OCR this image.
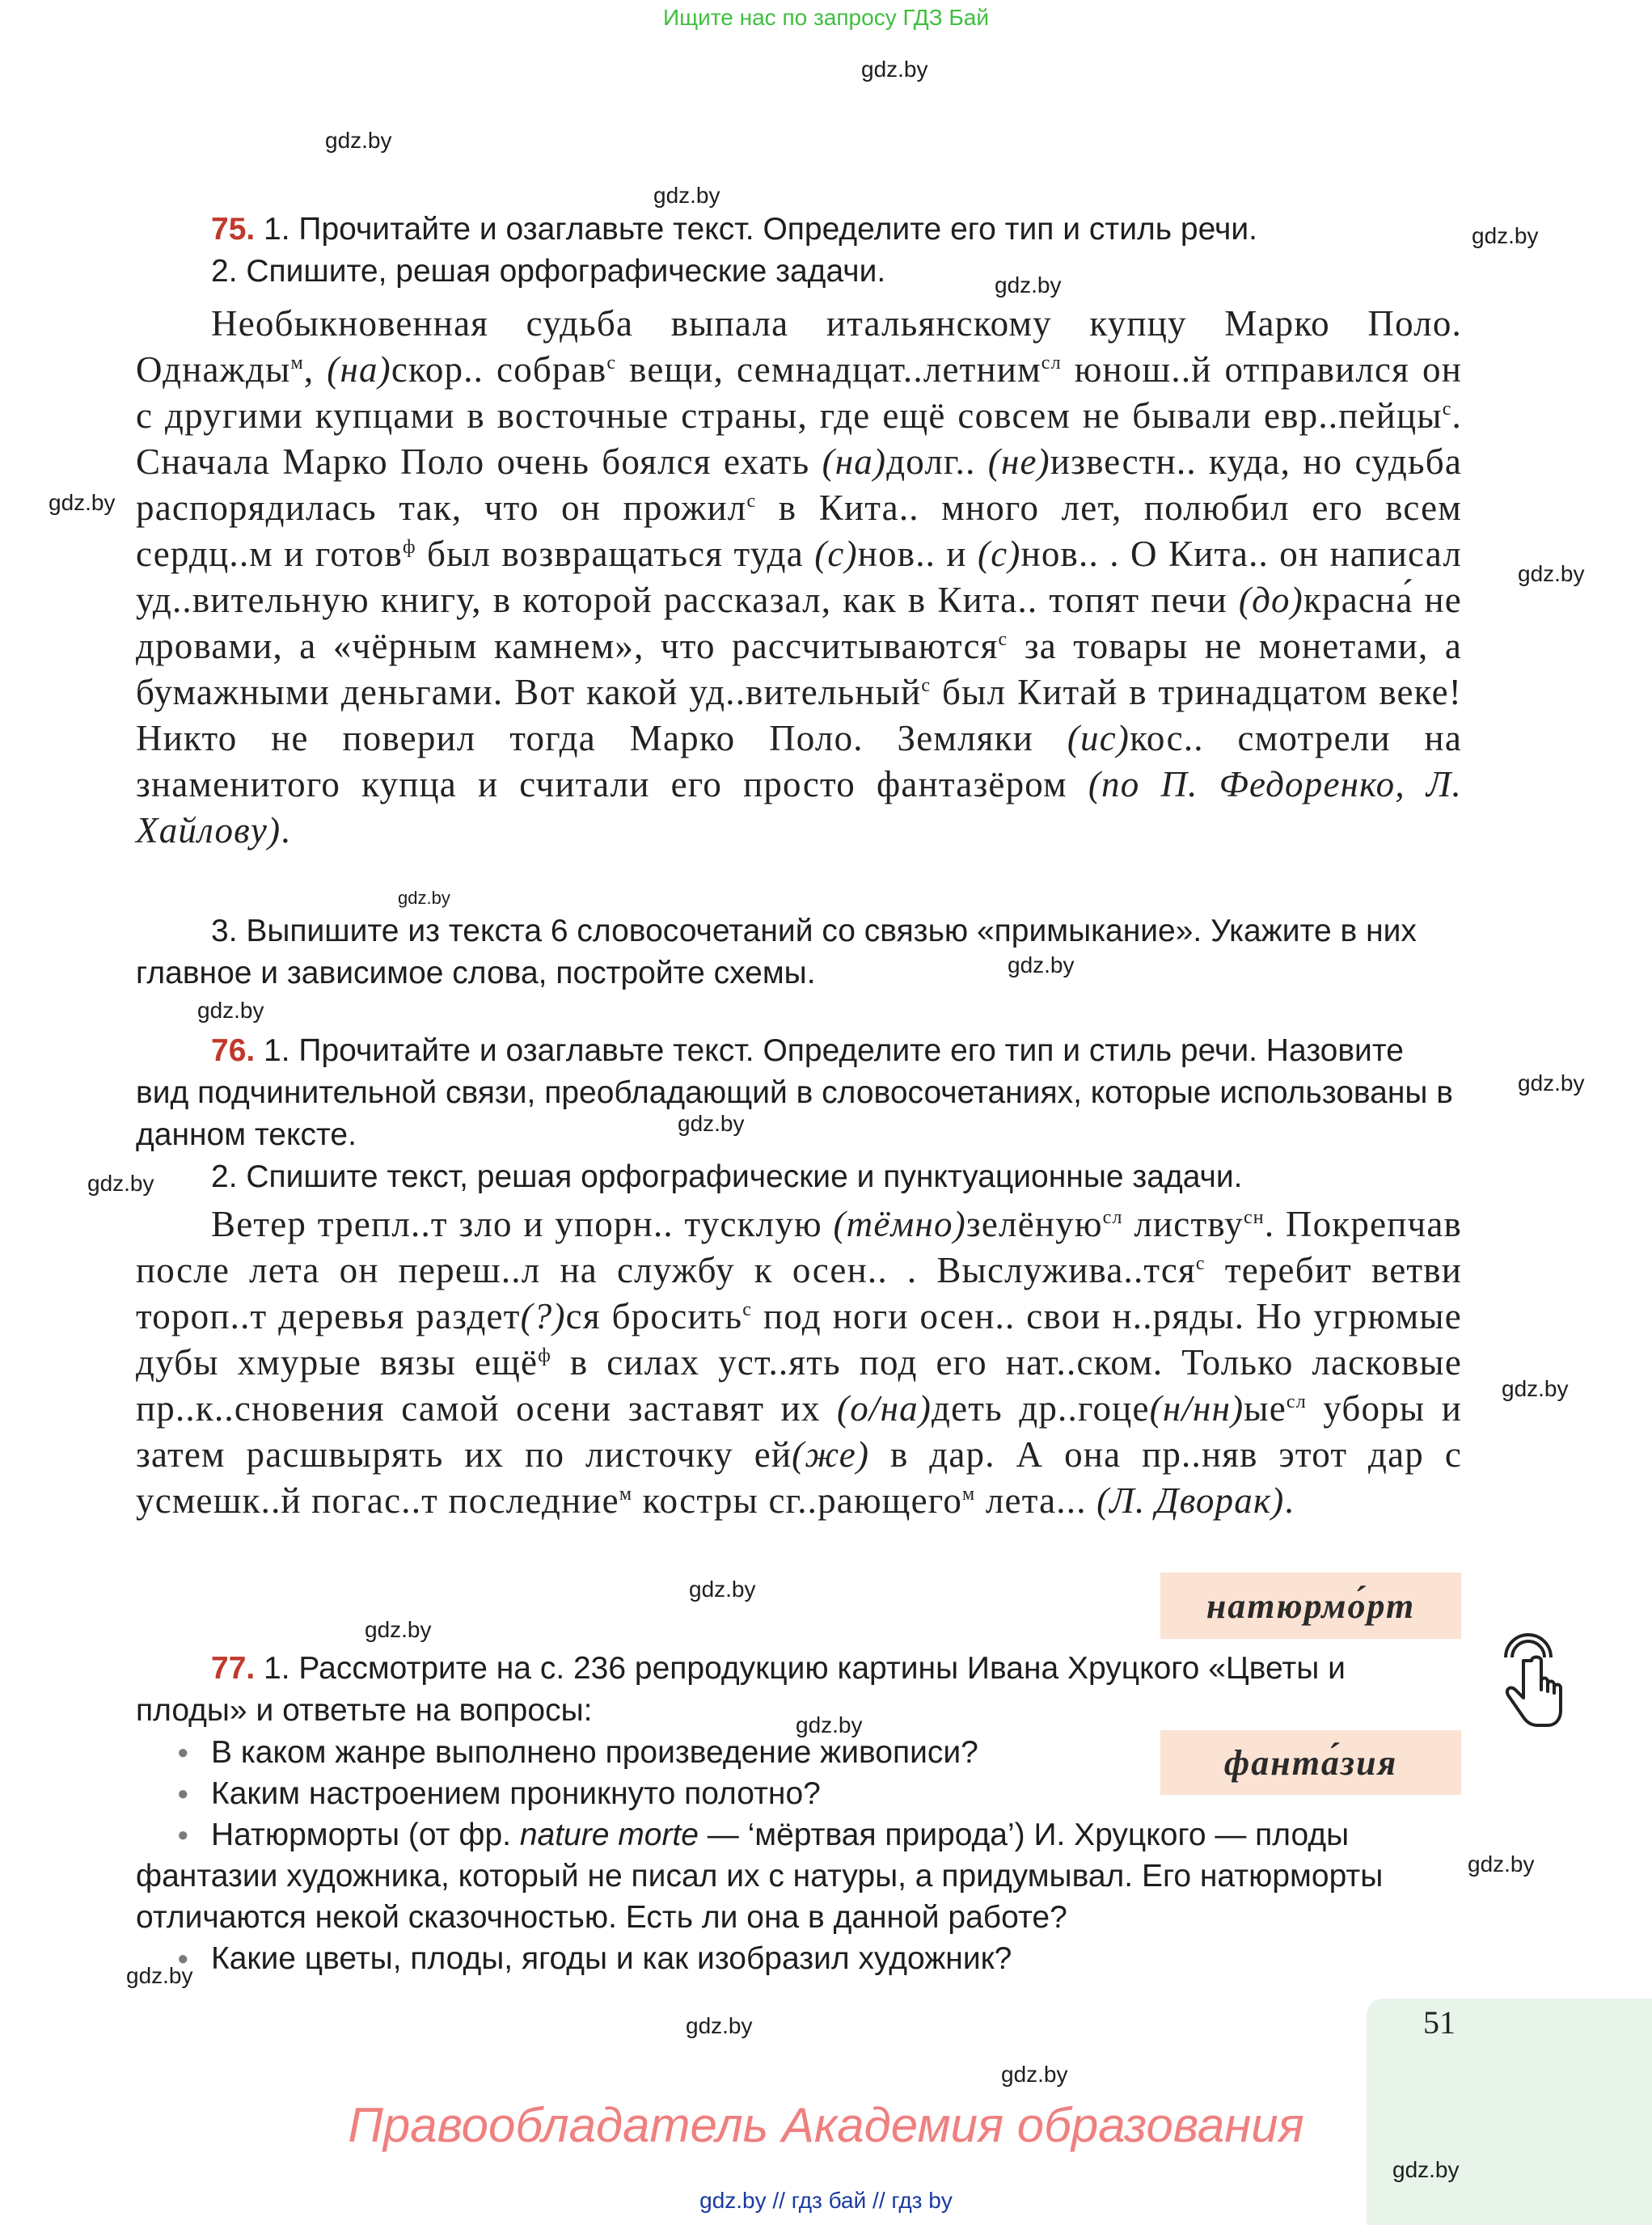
Ищите нас по запросу ГДЗ Бай
gdz.by
gdz.by
gdz.by
gdz.by
gdz.by
gdz.by
gdz.by
gdz.by
gdz.by
gdz.by
gdz.by
gdz.by
gdz.by
gdz.by
gdz.by
gdz.by
gdz.by
gdz.by
gdz.by
gdz.by
gdz.by

75. 1. Прочитайте и озаглавьте текст. Определите его тип и стиль речи.

2. Спишите, решая орфографические задачи.

Необыкновенная судьба выпала итальянскому купцу Марко Поло. Однажды$^м$, (на)скор.. собрав$^с$ вещи, семнадцат..летним$^{сл}$ юнош..й отправился он с другими купцами в восточные страны, где ещё совсем не бывали евр..пейцы$^с$. Сначала Марко Поло очень боялся ехать (на)долг.. (не)известн.. куда, но судьба распорядилась так, что он прожил$^с$ в Кита.. много лет, полюбил его всем сердц..м и готов$^ф$ был возвращаться туда (с)нов.. и (с)нов.. . О Кита.. он написал уд..вительную книгу, в которой рассказал, как в Кита.. топят печи (до)красна́ не дровами, а «чёрным камнем», что рассчитываются$^с$ за товары не монетами, а бумажными деньгами. Вот какой уд..вительный$^с$ был Китай в тринадцатом веке! Никто не поверил тогда Марко Поло. Земляки (ис)кос.. смотрели на знаменитого купца и считали его просто фантазёром (по П. Федоренко, Л. Хайлову).

3. Выпишите из текста 6 словосочетаний со связью «примыкание». Укажите в них главное и зависимое слова, постройте схемы.

76. 1. Прочитайте и озаглавьте текст. Определите его тип и стиль речи. Назовите вид подчинительной связи, преобладающий в словосочетаниях, которые использованы в данном тексте.

2. Спишите текст, решая орфографические и пунктуационные задачи.

Ветер трепл..т зло и упорн.. тусклую (тёмно)зелёную$^{сл}$ листву$^{сн}$. Покрепчав после лета он переш..л на службу к осен.. . Выслужива..тся$^с$ теребит ветви тороп..т деревья раздет(?)ся бросить$^с$ под ноги осен.. свои н..ряды. Но угрюмые дубы хмурые вязы ещё$^ф$ в силах уст..ять под его нат..ском. Только ласковые пр..к..сновения самой осени заставят их (о/на)деть $др..гоце(н/нн)ые^{сл}$ уборы и затем расшвырять их по листочку ей(же) в дар. А она пр..няв этот дар с усмешк..й погас..т последние$^м$ костры сг..рающего$^м$ лета... (Л. Дворак).

натюрмо́рт

77. 1. Рассмотрите на с. 236 репродукцию картины Ивана Хруцкого «Цветы и плоды» и ответьте на вопросы:

фанта́зия
● В каком жанре выполнено произведение живописи?
● Каким настроением проникнуто полотно?
● Натюрморты (от фр. nature morte — ‘мёртвая природа’) И. Хруцкого — плоды фантазии художника, который не писал их с натуры, а придумывал. Его натюрморты отличаются некой сказочностью. Есть ли она в данной работе?
● Какие цветы, плоды, ягоды и как изобразил художник?
51
gdz.by
Правообладатель Академия образования
gdz.by // гдз бай // гдз by
